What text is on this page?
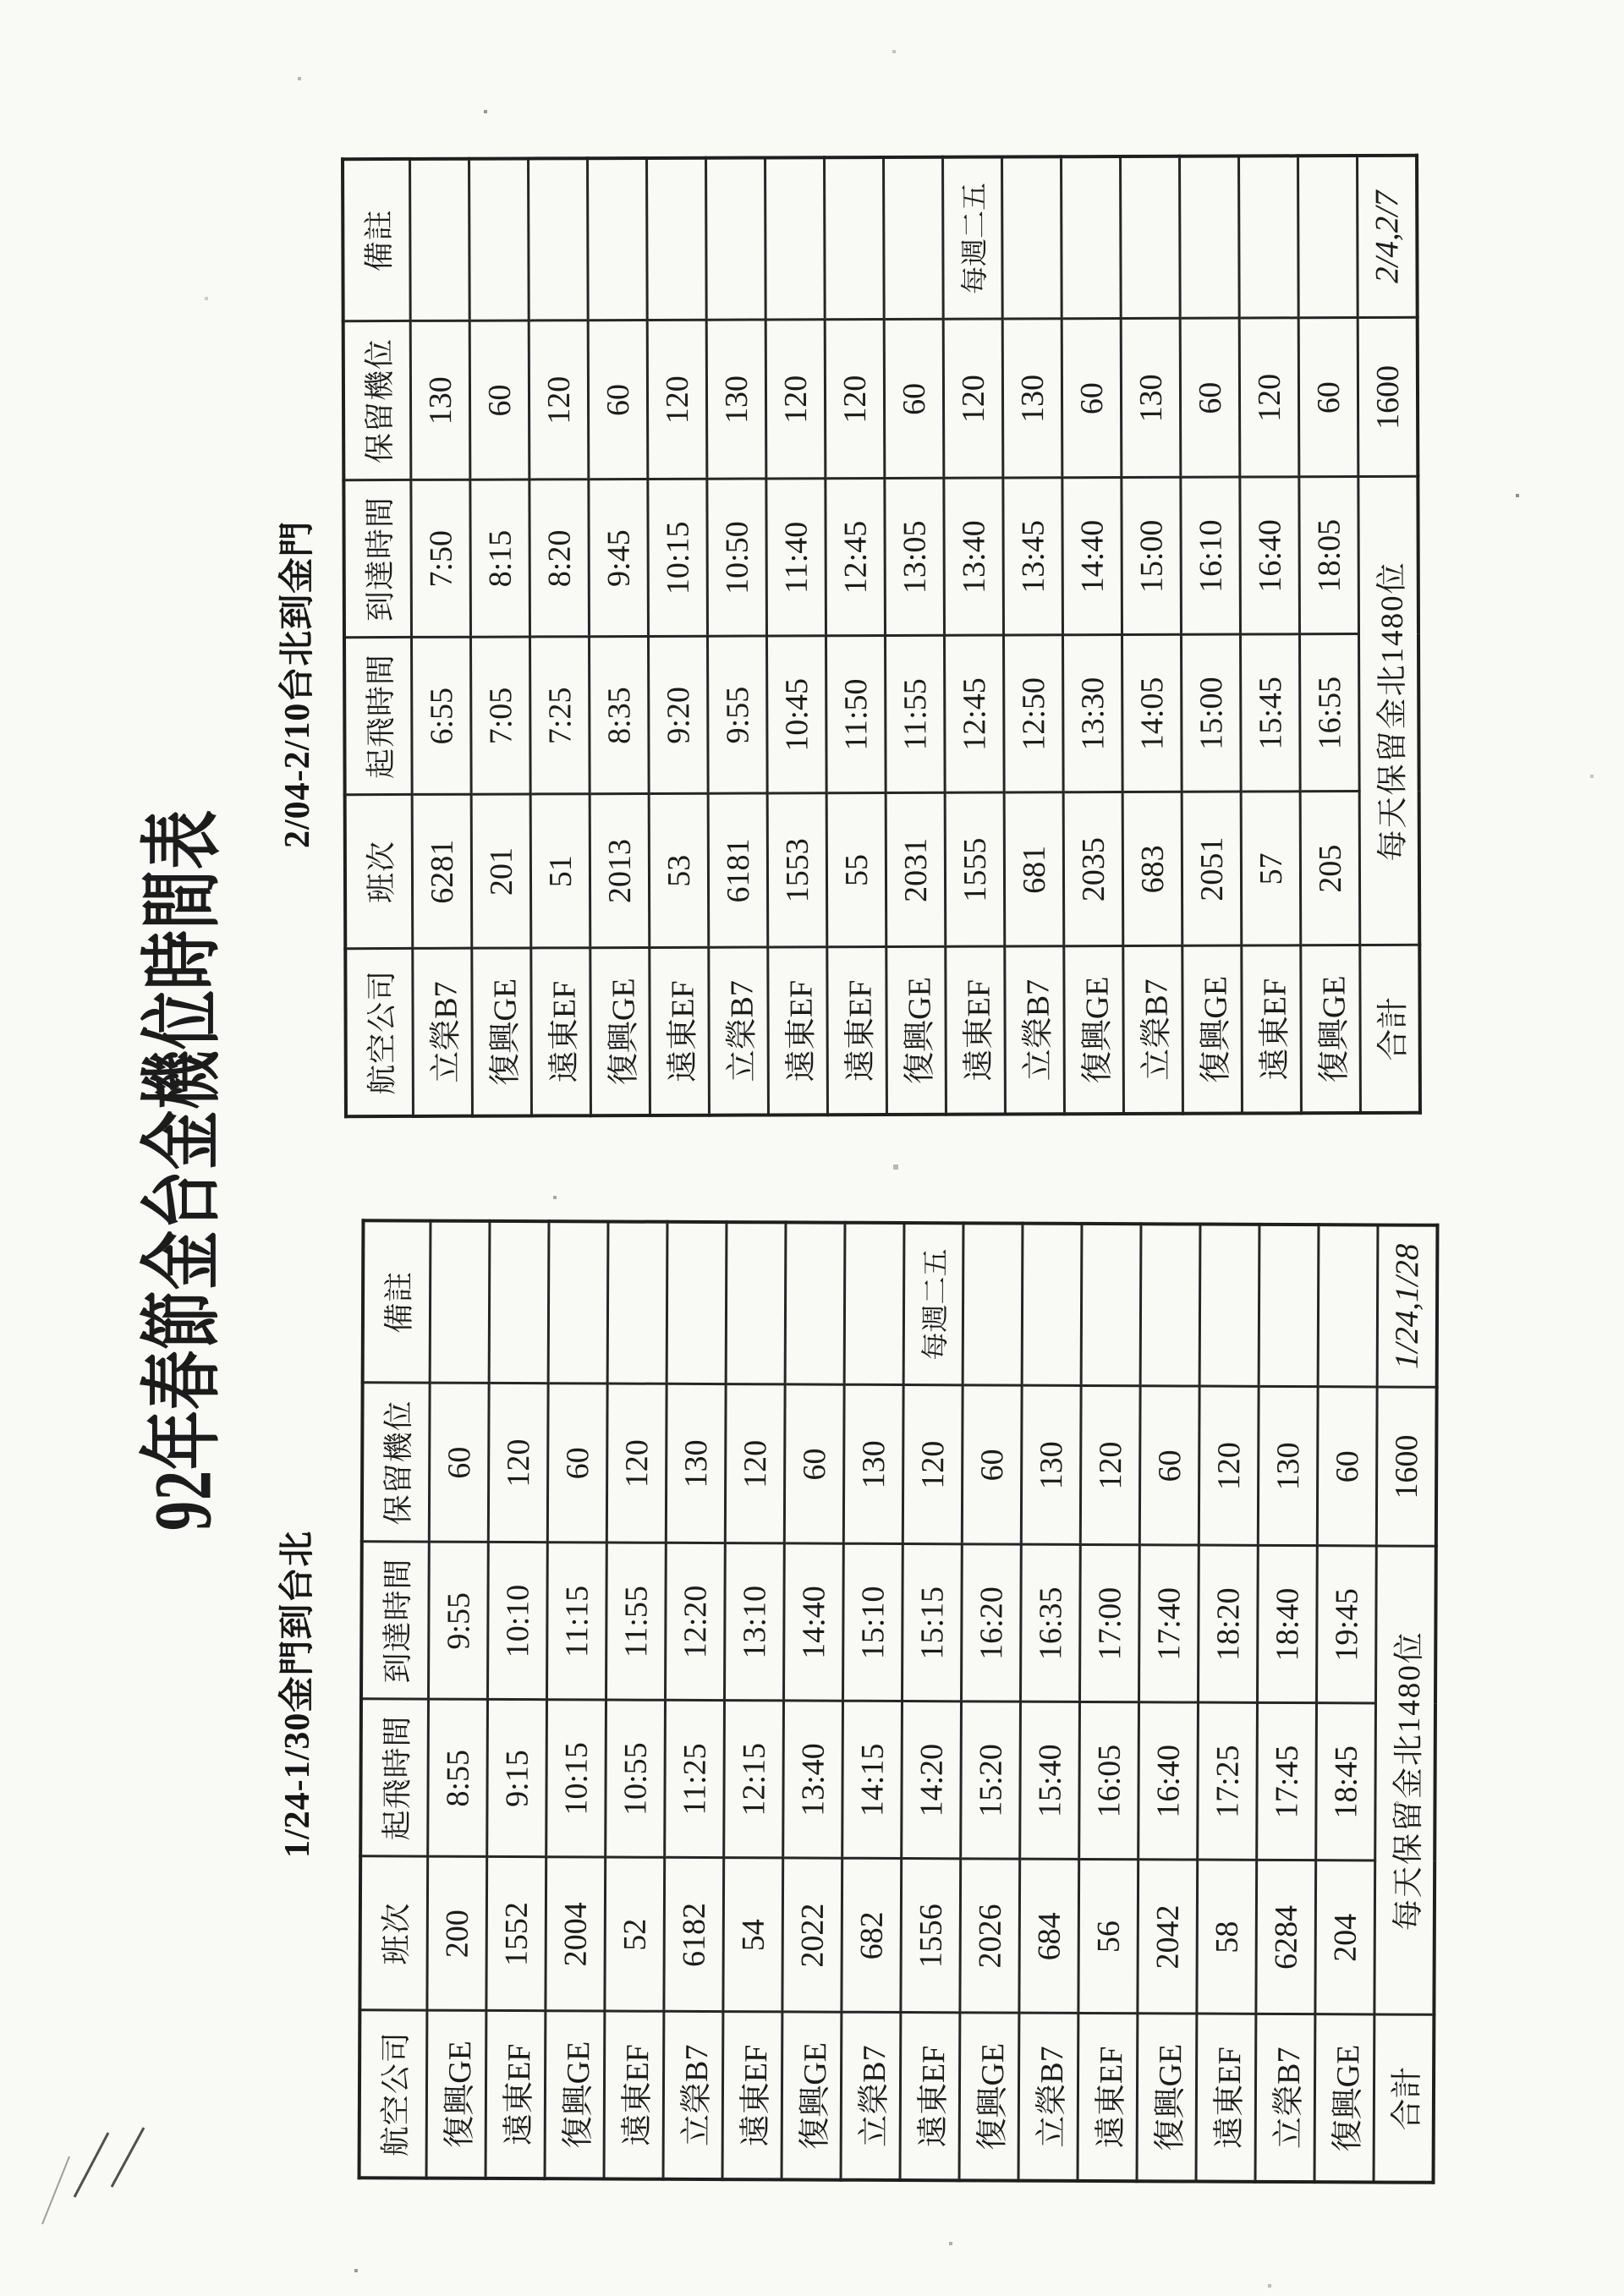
92年春節金台金機位時間表
1/24-1/30金門到台北
2/04-2/10台北到金門
航空公司	班次	起飛時間	到達時間	保留機位	備註
復興GE	200	8:55	9:55	60	
遠東EF	1552	9:15	10:10	120	
復興GE	2004	10:15	11:15	60	
遠東EF	52	10:55	11:55	120	
立榮B7	6182	11:25	12:20	130	
遠東EF	54	12:15	13:10	120	
復興GE	2022	13:40	14:40	60	
立榮B7	682	14:15	15:10	130	
遠東EF	1556	14:20	15:15	120	每週二五
復興GE	2026	15:20	16:20	60	
立榮B7	684	15:40	16:35	130	
遠東EF	56	16:05	17:00	120	
復興GE	2042	16:40	17:40	60	
遠東EF	58	17:25	18:20	120	
立榮B7	6284	17:45	18:40	130	
復興GE	204	18:45	19:45	60	
合計	每天保留金北1480位			1600	1/24,1/28
航空公司	班次	起飛時間	到達時間	保留機位	備註
立榮B7	6281	6:55	7:50	130	
復興GE	201	7:05	8:15	60	
遠東EF	51	7:25	8:20	120	
復興GE	2013	8:35	9:45	60	
遠東EF	53	9:20	10:15	120	
立榮B7	6181	9:55	10:50	130	
遠東EF	1553	10:45	11:40	120	
遠東EF	55	11:50	12:45	120	
復興GE	2031	11:55	13:05	60	
遠東EF	1555	12:45	13:40	120	每週二五
立榮B7	681	12:50	13:45	130	
復興GE	2035	13:30	14:40	60	
立榮B7	683	14:05	15:00	130	
復興GE	2051	15:00	16:10	60	
遠東EF	57	15:45	16:40	120	
復興GE	205	16:55	18:05	60	
合計	每天保留金北1480位			1600	2/4,2/7
